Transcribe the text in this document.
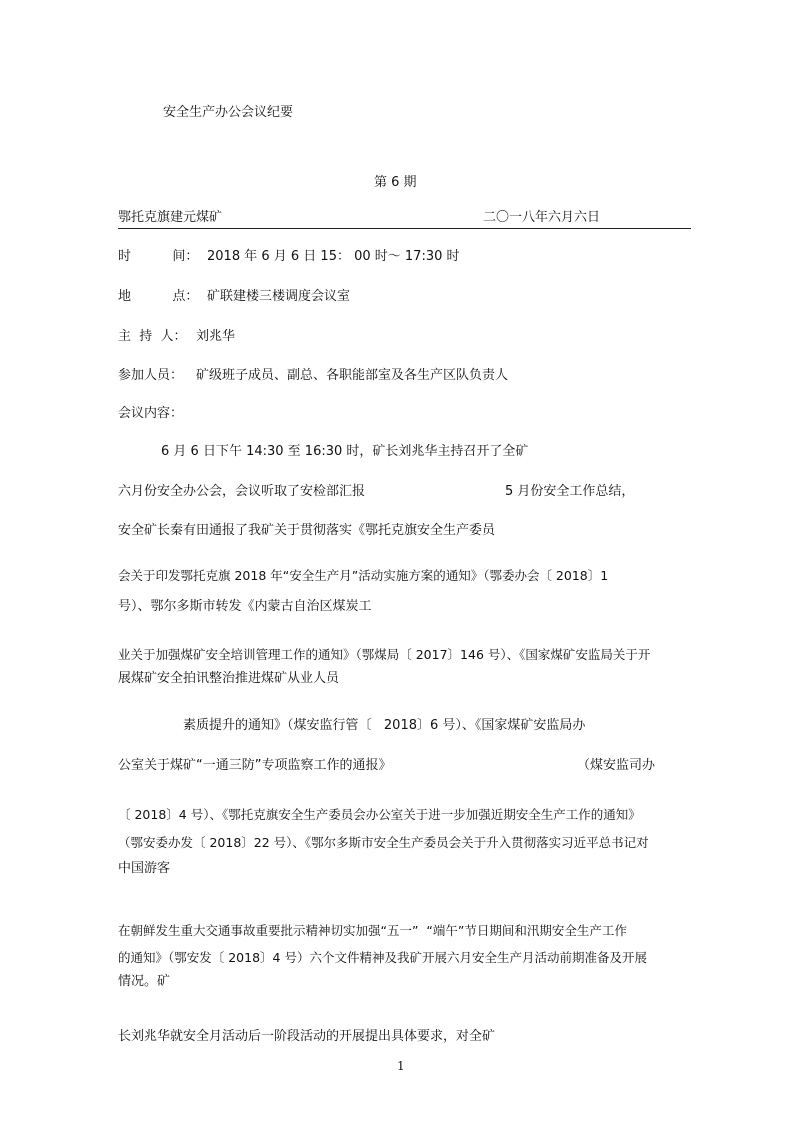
安全生产办公会议纪要
第 6 期
鄂托克旗建元煤矿	二〇一八年六月六日
时          间： 2018 年 6 月 6 日 15： 00 时～ 17:30 时
地          点： 矿联建楼三楼调度会议室
主  持  人： 刘兆华
参加人员： 矿级班子成员、副总、各职能部室及各生产区队负责人
会议内容：
6 月 6 日下午 14:30 至 16:30 时，矿长刘兆华主持召开了全矿
六月份安全办公会，会议听取了安检部汇报	5 月份安全工作总结，
安全矿长秦有田通报了我矿关于贯彻落实《鄂托克旗安全生产委员
会关于印发鄂托克旗 2018 年“安全生产月”活动实施方案的通知》（鄂委办会〔 2018〕1
号）、鄂尔多斯市转发《内蒙古自治区煤炭工
业关于加强煤矿安全培训管理工作的通知》（鄂煤局〔 2017〕146 号）、《国家煤矿安监局关于开
展煤矿安全拍讯整治推进煤矿从业人员
素质提升的通知》（煤安监行管〔   2018〕6 号）、《国家煤矿安监局办
公室关于煤矿“一通三防”专项监察工作的通报》	（煤安监司办
〔 2018〕4 号）、《鄂托克旗安全生产委员会办公室关于进一步加强近期安全生产工作的通知》
（鄂安委办发〔 2018〕22 号）、《鄂尔多斯市安全生产委员会关于升入贯彻落实习近平总书记对
中国游客
在朝鲜发生重大交通事故重要批示精神切实加强“五一”  “端午”节日期间和汛期安全生产工作
的通知》（鄂安发〔 2018〕4 号）六个文件精神及我矿开展六月安全生产月活动前期准备及开展
情况。矿
长刘兆华就安全月活动后一阶段活动的开展提出具体要求，对全矿
1
